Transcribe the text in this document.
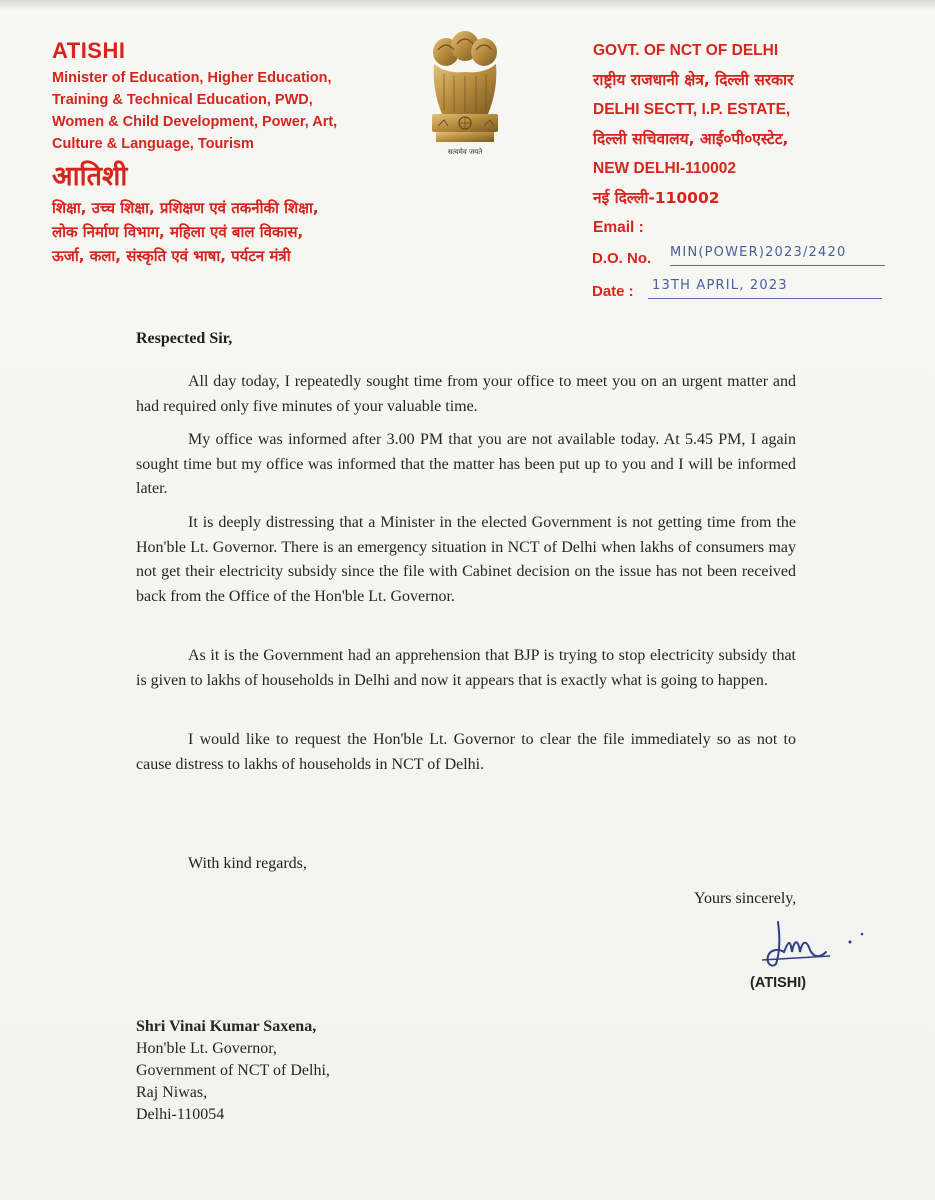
ATISHI
Minister of Education, Higher Education,
Training & Technical Education, PWD,
Women & Child Development, Power, Art,
Culture & Language, Tourism
आतिशी
शिक्षा, उच्च शिक्षा, प्रशिक्षण एवं तकनीकी शिक्षा,
लोक निर्माण विभाग, महिला एवं बाल विकास,
ऊर्जा, कला, संस्कृति एवं भाषा, पर्यटन मंत्री
सत्यमेव जयते
GOVT. OF NCT OF DELHI
राष्ट्रीय राजधानी क्षेत्र, दिल्ली सरकार
DELHI SECTT, I.P. ESTATE,
दिल्ली सचिवालय, आई०पी०एस्टेट,
NEW DELHI-110002
नई दिल्ली-110002
Email :
D.O. No. MIN(POWER)2023/2420
Date :	13TH APRIL, 2023
Respected Sir,
All day today, I repeatedly sought time from your office to meet you on an urgent matter and had required only five minutes of your valuable time.
My office was informed after 3.00 PM that you are not available today. At 5.45 PM, I again sought time but my office was informed that the matter has been put up to you and I will be informed later.
It is deeply distressing that a Minister in the elected Government is not getting time from the Hon'ble Lt. Governor. There is an emergency situation in NCT of Delhi when lakhs of consumers may not get their electricity subsidy since the file with Cabinet decision on the issue has not been received back from the Office of the Hon'ble Lt. Governor.
As it is the Government had an apprehension that BJP is trying to stop electricity subsidy that is given to lakhs of households in Delhi and now it appears that is exactly what is going to happen.
I would like to request the Hon'ble Lt. Governor to clear the file immediately so as not to cause distress to lakhs of households in NCT of Delhi.
With kind regards,
Yours sincerely,
(ATISHI)
Shri Vinai Kumar Saxena,
Hon'ble Lt. Governor,
Government of NCT of Delhi,
Raj Niwas,
Delhi-110054
